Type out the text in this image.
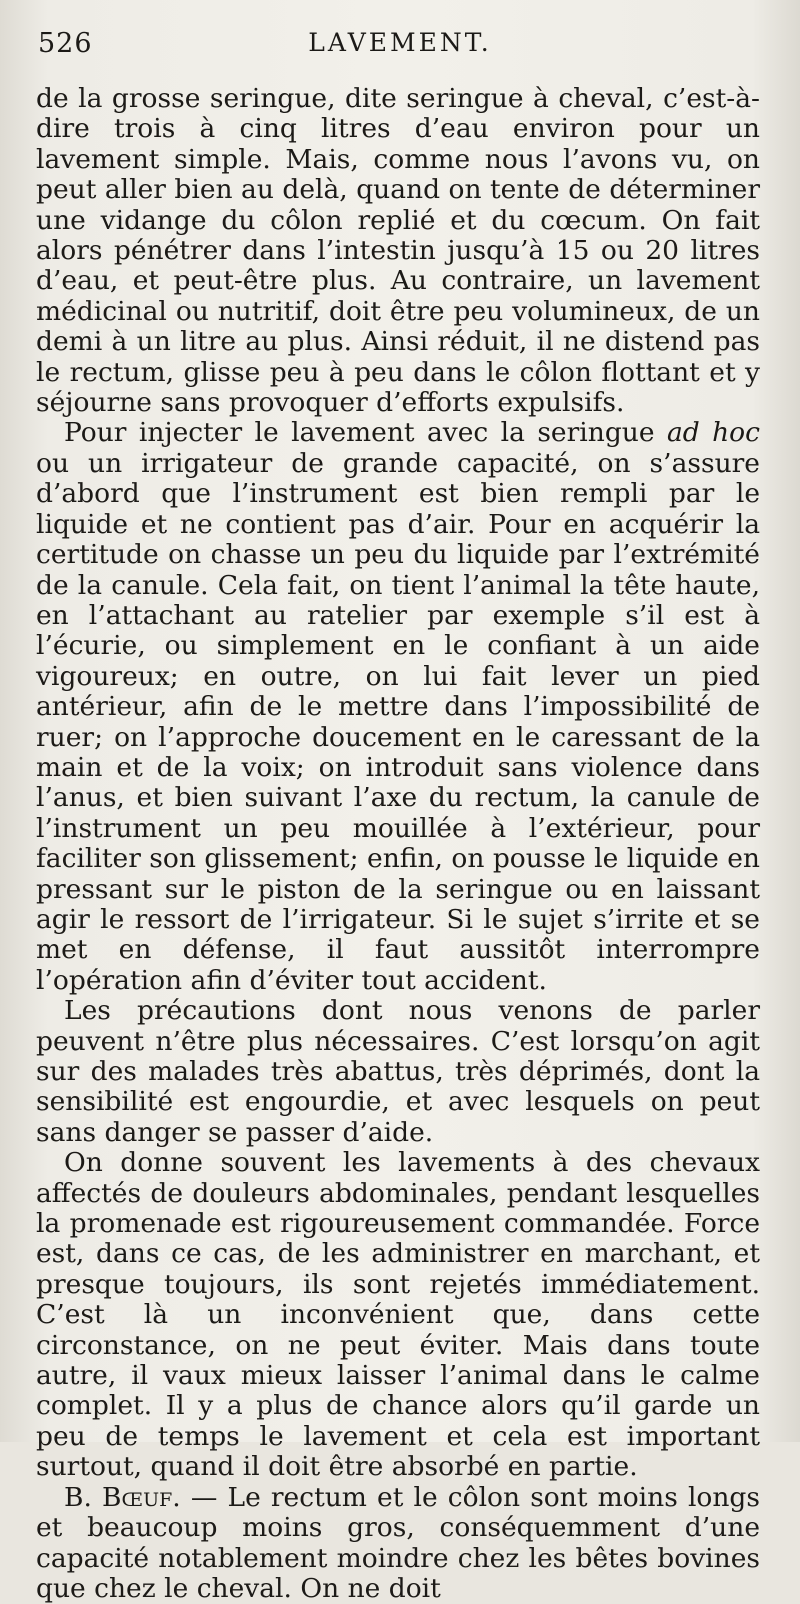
526	LAVEMENT.

de la grosse seringue, dite seringue à cheval, c’est-à-dire trois à cinq litres d’eau environ pour un lavement simple. Mais, comme nous l’avons vu, on peut aller bien au delà, quand on tente de déterminer une vidange du côlon replié et du cœcum. On fait alors pénétrer dans l’intestin jusqu’à 15 ou 20 litres d’eau, et peut-être plus. Au contraire, un lavement médicinal ou nutritif, doit être peu volumineux, de un demi à un litre au plus. Ainsi réduit, il ne distend pas le rectum, glisse peu à peu dans le côlon flottant et y séjourne sans provoquer d’efforts expulsifs.

Pour injecter le lavement avec la seringue ad hoc ou un irrigateur de grande capacité, on s’assure d’abord que l’instrument est bien rempli par le liquide et ne contient pas d’air. Pour en acquérir la certitude on chasse un peu du liquide par l’extrémité de la canule. Cela fait, on tient l’animal la tête haute, en l’attachant au ratelier par exemple s’il est à l’écurie, ou simplement en le confiant à un aide vigoureux; en outre, on lui fait lever un pied antérieur, afin de le mettre dans l’impossibilité de ruer; on l’approche doucement en le caressant de la main et de la voix; on introduit sans violence dans l’anus, et bien suivant l’axe du rectum, la canule de l’instrument un peu mouillée à l’extérieur, pour faciliter son glissement; enfin, on pousse le liquide en pressant sur le piston de la seringue ou en laissant agir le ressort de l’irrigateur. Si le sujet s’irrite et se met en défense, il faut aussitôt interrompre l’opération afin d’éviter tout accident.

Les précautions dont nous venons de parler peuvent n’être plus nécessaires. C’est lorsqu’on agit sur des malades très abattus, très déprimés, dont la sensibilité est engourdie, et avec lesquels on peut sans danger se passer d’aide.

On donne souvent les lavements à des chevaux affectés de douleurs abdominales, pendant lesquelles la promenade est rigoureusement commandée. Force est, dans ce cas, de les administrer en marchant, et presque toujours, ils sont rejetés immédiatement. C’est là un inconvénient que, dans cette circonstance, on ne peut éviter. Mais dans toute autre, il vaux mieux laisser l’animal dans le calme complet. Il y a plus de chance alors qu’il garde un peu de temps le lavement et cela est important surtout, quand il doit être absorbé en partie.

B. Bœuf. — Le rectum et le côlon sont moins longs et beaucoup moins gros, conséquemment d’une capacité notablement moindre chez les bêtes bovines que chez le cheval. On ne doit
